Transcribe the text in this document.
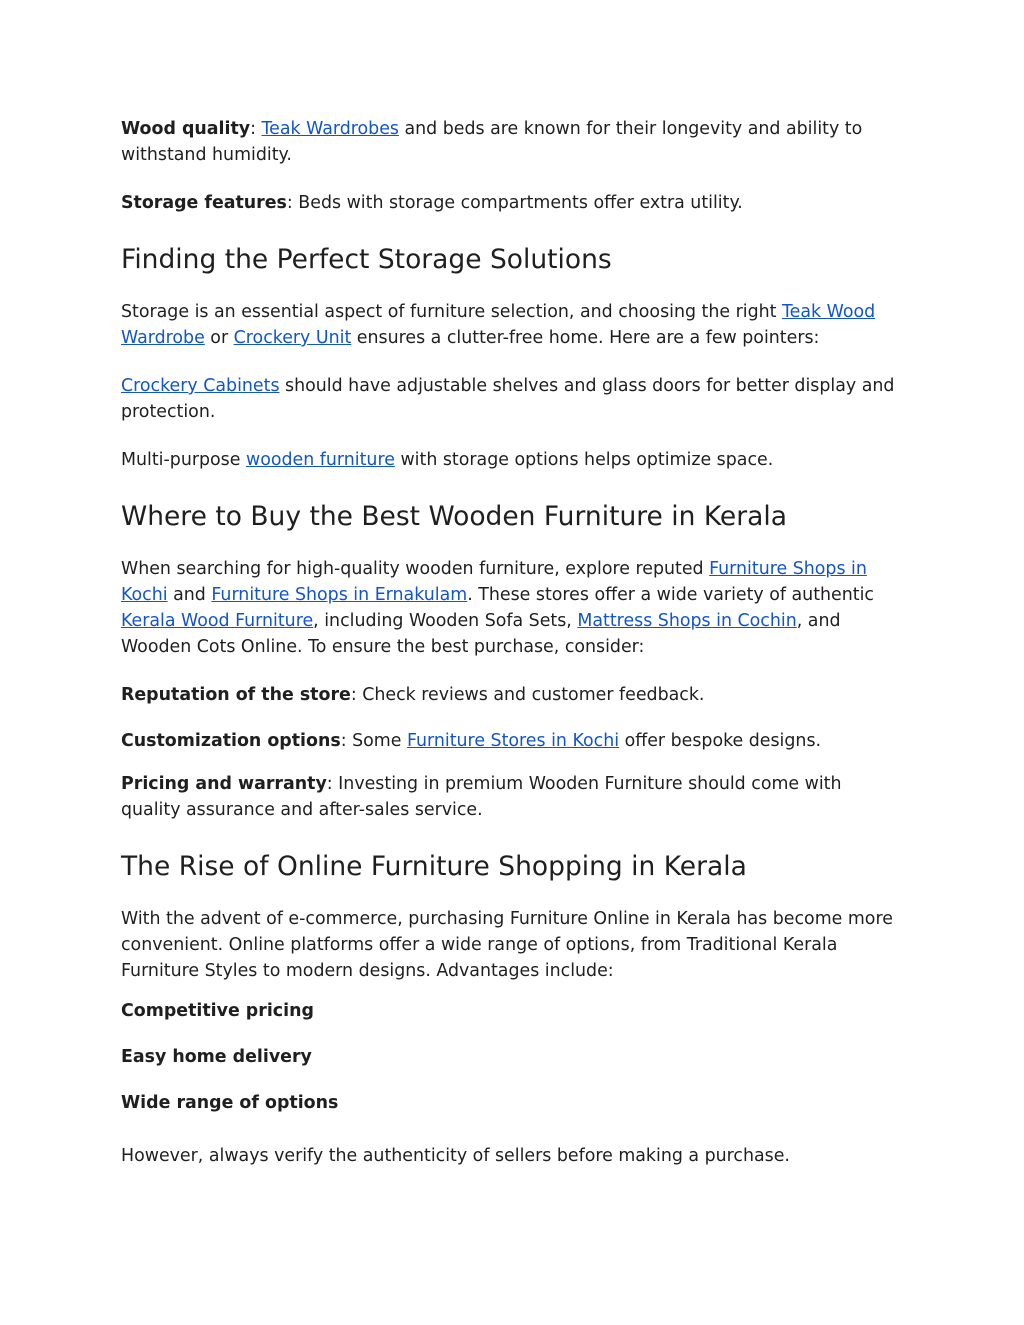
Wood quality: Teak Wardrobes and beds are known for their longevity and ability to withstand humidity.

Storage features: Beds with storage compartments offer extra utility.

Finding the Perfect Storage Solutions

Storage is an essential aspect of furniture selection, and choosing the right Teak Wood Wardrobe or Crockery Unit ensures a clutter-free home. Here are a few pointers:

Crockery Cabinets should have adjustable shelves and glass doors for better display and protection.

Multi-purpose wooden furniture with storage options helps optimize space.

Where to Buy the Best Wooden Furniture in Kerala

When searching for high-quality wooden furniture, explore reputed Furniture Shops in Kochi and Furniture Shops in Ernakulam. These stores offer a wide variety of authentic Kerala Wood Furniture, including Wooden Sofa Sets, Mattress Shops in Cochin, and Wooden Cots Online. To ensure the best purchase, consider:

Reputation of the store: Check reviews and customer feedback.

Customization options: Some Furniture Stores in Kochi offer bespoke designs.

Pricing and warranty: Investing in premium Wooden Furniture should come with quality assurance and after-sales service.

The Rise of Online Furniture Shopping in Kerala

With the advent of e-commerce, purchasing Furniture Online in Kerala has become more convenient. Online platforms offer a wide range of options, from Traditional Kerala Furniture Styles to modern designs. Advantages include:

Competitive pricing

Easy home delivery

Wide range of options

However, always verify the authenticity of sellers before making a purchase.
